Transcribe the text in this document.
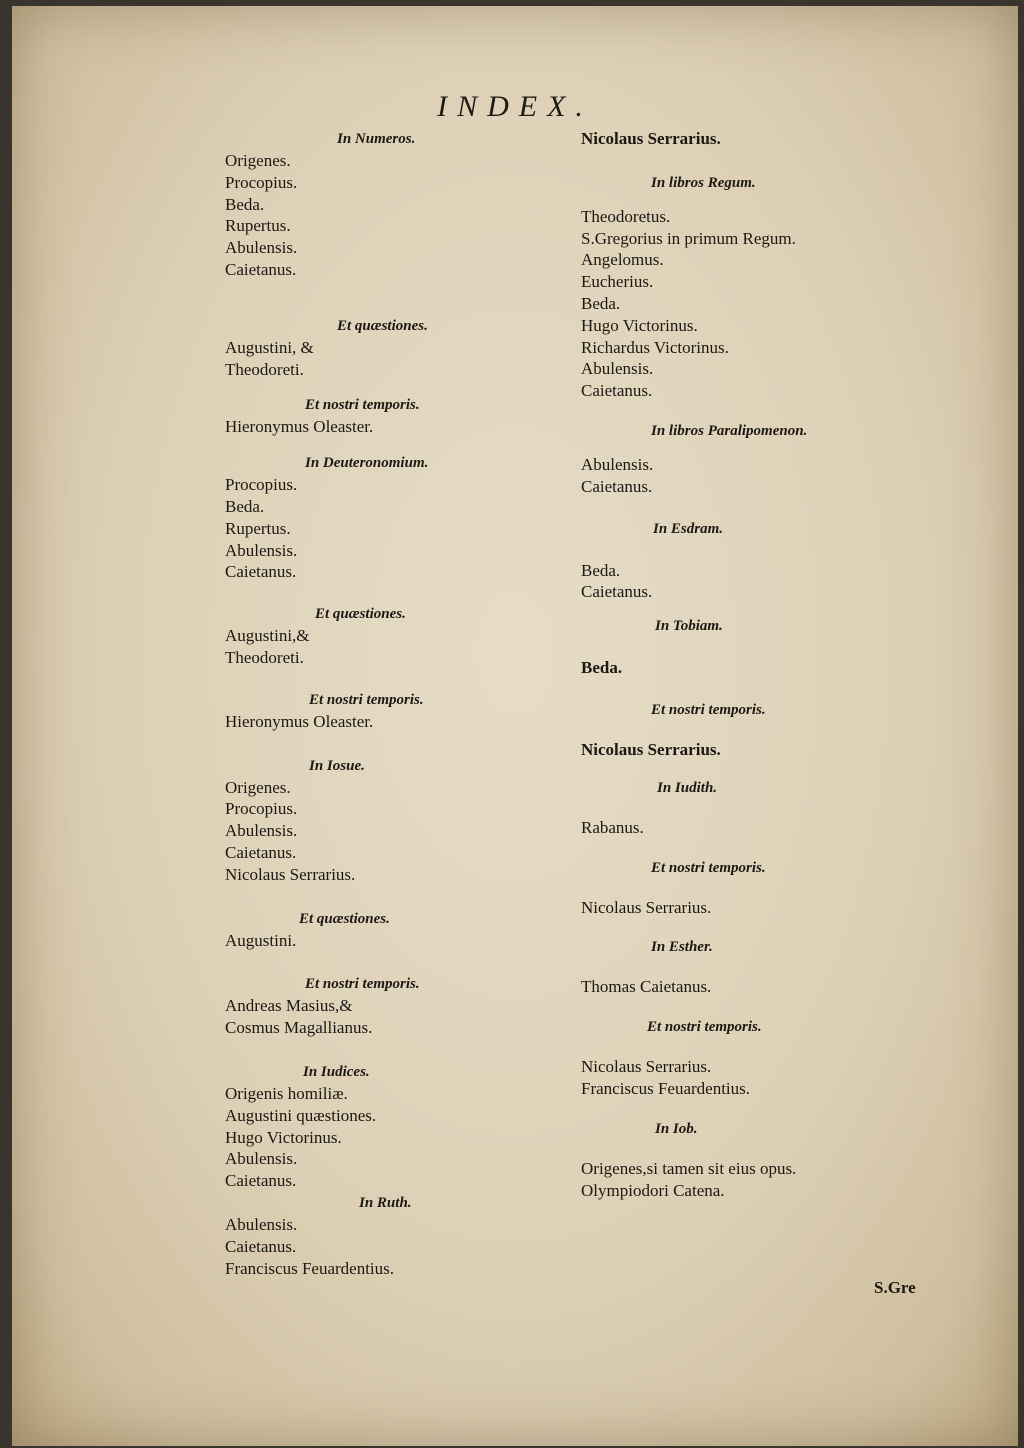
INDEX.
In Numeros.
Origenes.
Procopius.
Beda.
Rupertus.
Abulensis.
Caietanus.
Et quæstiones.
Augustini, &
Theodoreti.
Et nostri temporis.
Hieronymus Oleaster.
In Deuteronomium.
Procopius.
Beda.
Rupertus.
Abulensis.
Caietanus.
Et quæstiones.
Augustini,&
Theodoreti.
Et nostri temporis.
Hieronymus Oleaster.
In Iosue.
Origenes.
Procopius.
Abulensis.
Caietanus.
Nicolaus Serrarius.
Et quæstiones.
Augustini.
Et nostri temporis.
Andreas Masius,&
Cosmus Magallianus.
In Iudices.
Origenis homiliæ.
Augustini quæstiones.
Hugo Victorinus.
Abulensis.
Caietanus.
In Ruth.
Abulensis.
Caietanus.
Franciscus Feuardentius.
Nicolaus Serrarius.
In libros Regum.
Theodoretus.
S.Gregorius in primum Regum.
Angelomus.
Eucherius.
Beda.
Hugo Victorinus.
Richardus Victorinus.
Abulensis.
Caietanus.
In libros Paralipomenon.
Abulensis.
Caietanus.
In Esdram.
Beda.
Caietanus.
In Tobiam.
Beda.
Et nostri temporis.
Nicolaus Serrarius.
In Iudith.
Rabanus.
Et nostri temporis.
Nicolaus Serrarius.
In Esther.
Thomas Caietanus.
Et nostri temporis.
Nicolaus Serrarius.
Franciscus Feuardentius.
In Iob.
Origenes,si tamen sit eius opus.
Olympiodori Catena.
S.Gre
